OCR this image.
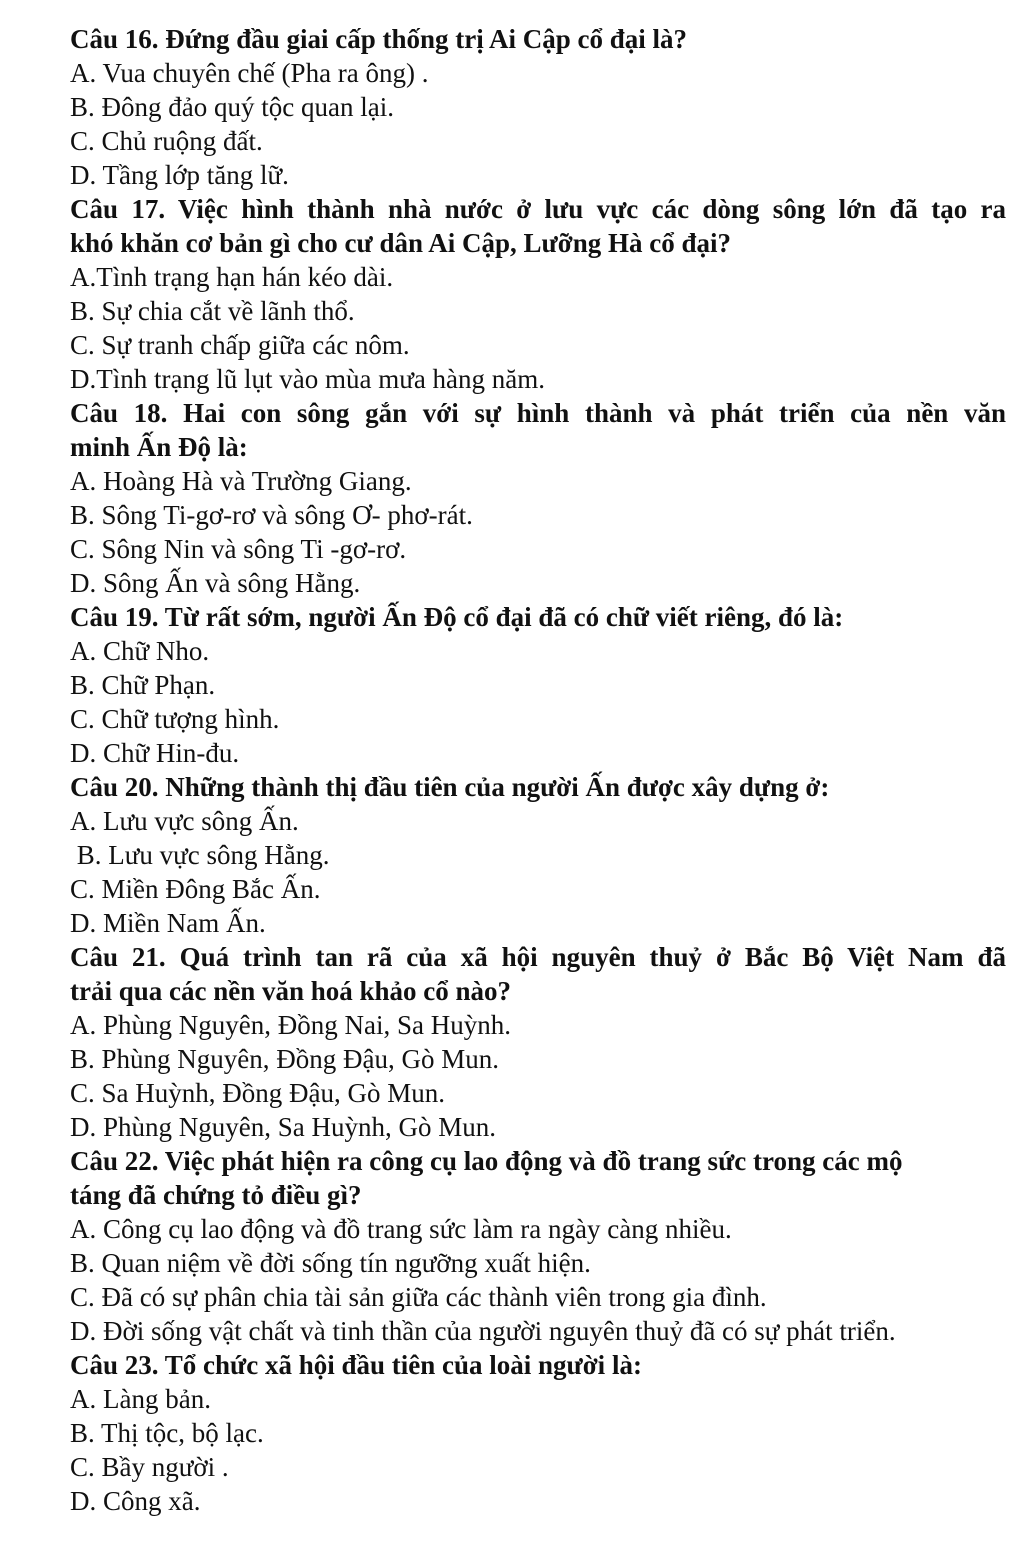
Câu 16. Đứng đầu giai cấp thống trị Ai Cập cổ đại là?
A. Vua chuyên chế (Pha ra ông) .
B. Đông đảo quý tộc quan lại.
C. Chủ ruộng đất.
D. Tầng lớp tăng lữ.
Câu 17. Việc hình thành nhà nước ở lưu vực các dòng sông lớn đã tạo ra
khó khăn cơ bản gì cho cư dân Ai Cập, Lưỡng Hà cổ đại?
A.Tình trạng hạn hán kéo dài.
B. Sự chia cắt về lãnh thổ.
C. Sự tranh chấp giữa các nôm.
D.Tình trạng lũ lụt vào mùa mưa hàng năm.
Câu 18. Hai con sông gắn với sự hình thành và phát triển của nền văn
minh Ấn Độ là:
A. Hoàng Hà và Trường Giang.
B. Sông Ti-gơ-rơ và sông Ơ- phơ-rát.
C. Sông Nin và sông Ti -gơ-rơ.
D. Sông Ấn và sông Hằng.
Câu 19. Từ rất sớm, người Ấn Độ cổ đại đã có chữ viết riêng, đó là:
A. Chữ Nho.
B. Chữ Phạn.
C. Chữ tượng hình.
D. Chữ Hin-đu.
Câu 20. Những thành thị đầu tiên của người Ấn được xây dựng ở:
A. Lưu vực sông Ấn.
B. Lưu vực sông Hằng.
C. Miền Đông Bắc Ấn.
D. Miền Nam Ấn.
Câu 21. Quá trình tan rã của xã hội nguyên thuỷ ở Bắc Bộ Việt Nam đã
trải qua các nền văn hoá khảo cổ nào?
A. Phùng Nguyên, Đồng Nai, Sa Huỳnh.
B. Phùng Nguyên, Đồng Đậu, Gò Mun.
C. Sa Huỳnh, Đồng Đậu, Gò Mun.
D. Phùng Nguyên, Sa Huỳnh, Gò Mun.
Câu 22. Việc phát hiện ra công cụ lao động và đồ trang sức trong các mộ
táng đã chứng tỏ điều gì?
A. Công cụ lao động và đồ trang sức làm ra ngày càng nhiều.
B. Quan niệm về đời sống tín ngưỡng xuất hiện.
C. Đã có sự phân chia tài sản giữa các thành viên trong gia đình.
D. Đời sống vật chất và tinh thần của người nguyên thuỷ đã có sự phát triển.
Câu 23. Tổ chức xã hội đầu tiên của loài người là:
A. Làng bản.
B. Thị tộc, bộ lạc.
C. Bầy người .
D. Công xã.
